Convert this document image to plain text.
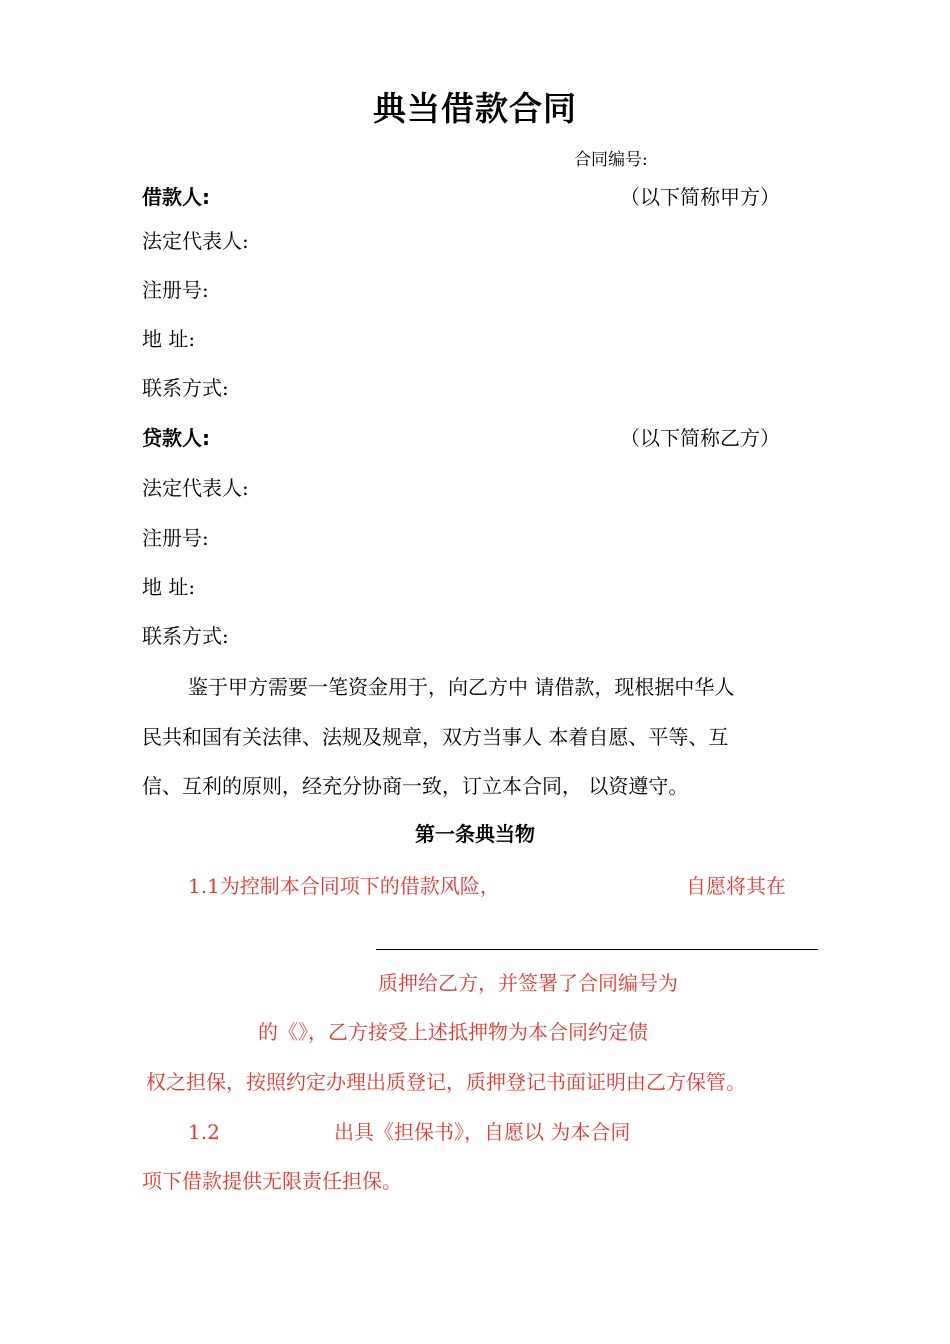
典当借款合同
合同编号:
借款人:	（以下简称甲方）
法定代表人:
注册号:
地 址:
联系方式:
贷款人:	（以下简称乙方）
法定代表人:
注册号:
地 址:
联系方式:
鉴于甲方需要一笔资金用于，向乙方中 请借款，现根据中华人
民共和国有关法律、法规及规章，双方当事人 本着自愿、平等、互
信、互利的原则，经充分协商一致，订立本合同， 以资遵守。
第一条典当物
1.1为控制本合同项下的借款风险，	自愿将其在
质押给乙方，并签署了合同编号为
的《》，乙方接受上述抵押物为本合同约定债
权之担保，按照约定办理出质登记，质押登记书面证明由乙方保管。
1.2	出具《担保书》，自愿以 为本合同
项下借款提供无限责任担保。
